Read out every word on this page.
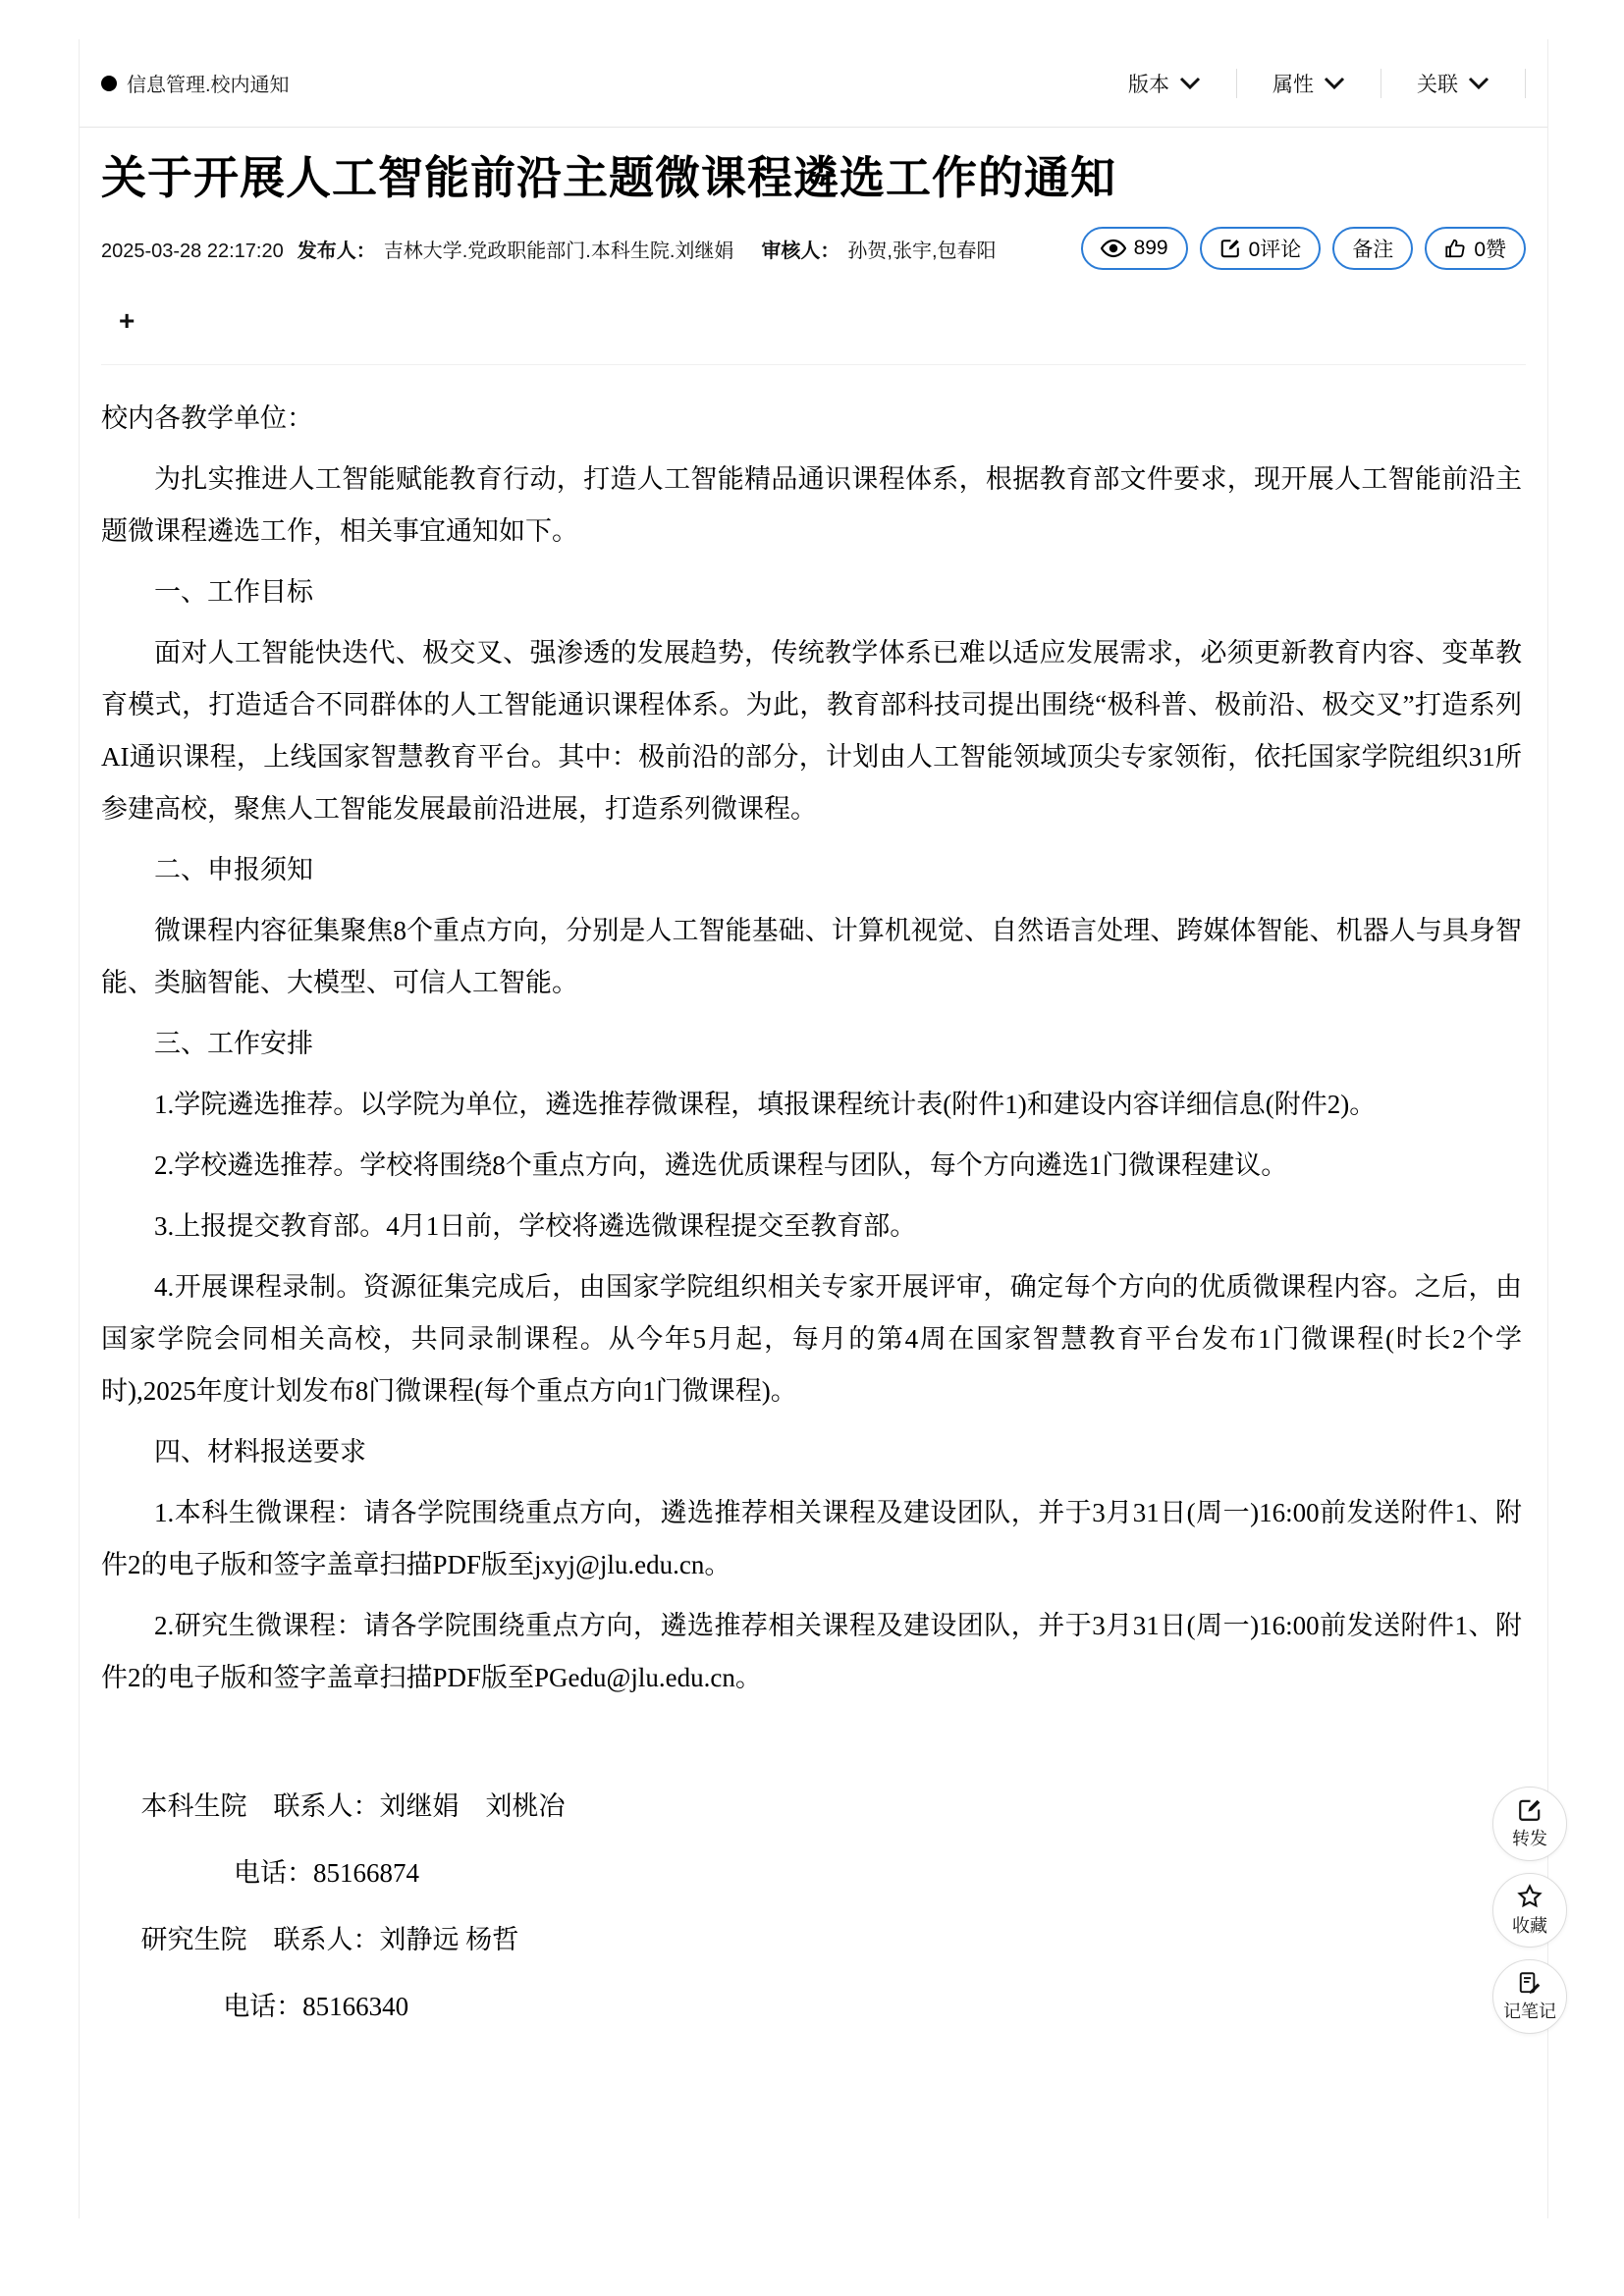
信息管理.校内通知	版本	属性	关联
关于开展人工智能前沿主题微课程遴选工作的通知
2025-03-28 22:17:20 发布人： 吉林大学.党政职能部门.本科生院.刘继娟 审核人： 孙贺,张宇,包春阳	899	0评论 备注	0赞
+

校内各教学单位：

为扎实推进人工智能赋能教育行动，打造人工智能精品通识课程体系，根据教育部文件要求，现开展人工智能前沿主题微课程遴选工作，相关事宜通知如下。

一、工作目标

面对人工智能快迭代、极交叉、强渗透的发展趋势，传统教学体系已难以适应发展需求，必须更新教育内容、变革教育模式，打造适合不同群体的人工智能通识课程体系。为此，教育部科技司提出围绕“极科普、极前沿、极交叉”打造系列AI通识课程，上线国家智慧教育平台。其中：极前沿的部分，计划由人工智能领域顶尖专家领衔，依托国家学院组织31所参建高校，聚焦人工智能发展最前沿进展，打造系列微课程。

二、申报须知

微课程内容征集聚焦8个重点方向，分别是人工智能基础、计算机视觉、自然语言处理、跨媒体智能、机器人与具身智能、类脑智能、大模型、可信人工智能。

三、工作安排

1.学院遴选推荐。以学院为单位，遴选推荐微课程，填报课程统计表(附件1)和建设内容详细信息(附件2)。

2.学校遴选推荐。学校将围绕8个重点方向，遴选优质课程与团队，每个方向遴选1门微课程建议。

3.上报提交教育部。4月1日前，学校将遴选微课程提交至教育部。

4.开展课程录制。资源征集完成后，由国家学院组织相关专家开展评审，确定每个方向的优质微课程内容。之后，由国家学院会同相关高校，共同录制课程。从今年5月起，每月的第4周在国家智慧教育平台发布1门微课程(时长2个学时),2025年度计划发布8门微课程(每个重点方向1门微课程)。

四、材料报送要求

1.本科生微课程：请各学院围绕重点方向，遴选推荐相关课程及建设团队，并于3月31日(周一)16:00前发送附件1、附件2的电子版和签字盖章扫描PDF版至jxyj@jlu.edu.cn。

2.研究生微课程：请各学院围绕重点方向，遴选推荐相关课程及建设团队，并于3月31日(周一)16:00前发送附件1、附件2的电子版和签字盖章扫描PDF版至PGedu@jlu.edu.cn。

本科生院　联系人：刘继娟　刘桃冶

电话：85166874

研究生院　联系人：刘静远 杨哲

电话：85166340

转发
收藏
记笔记
